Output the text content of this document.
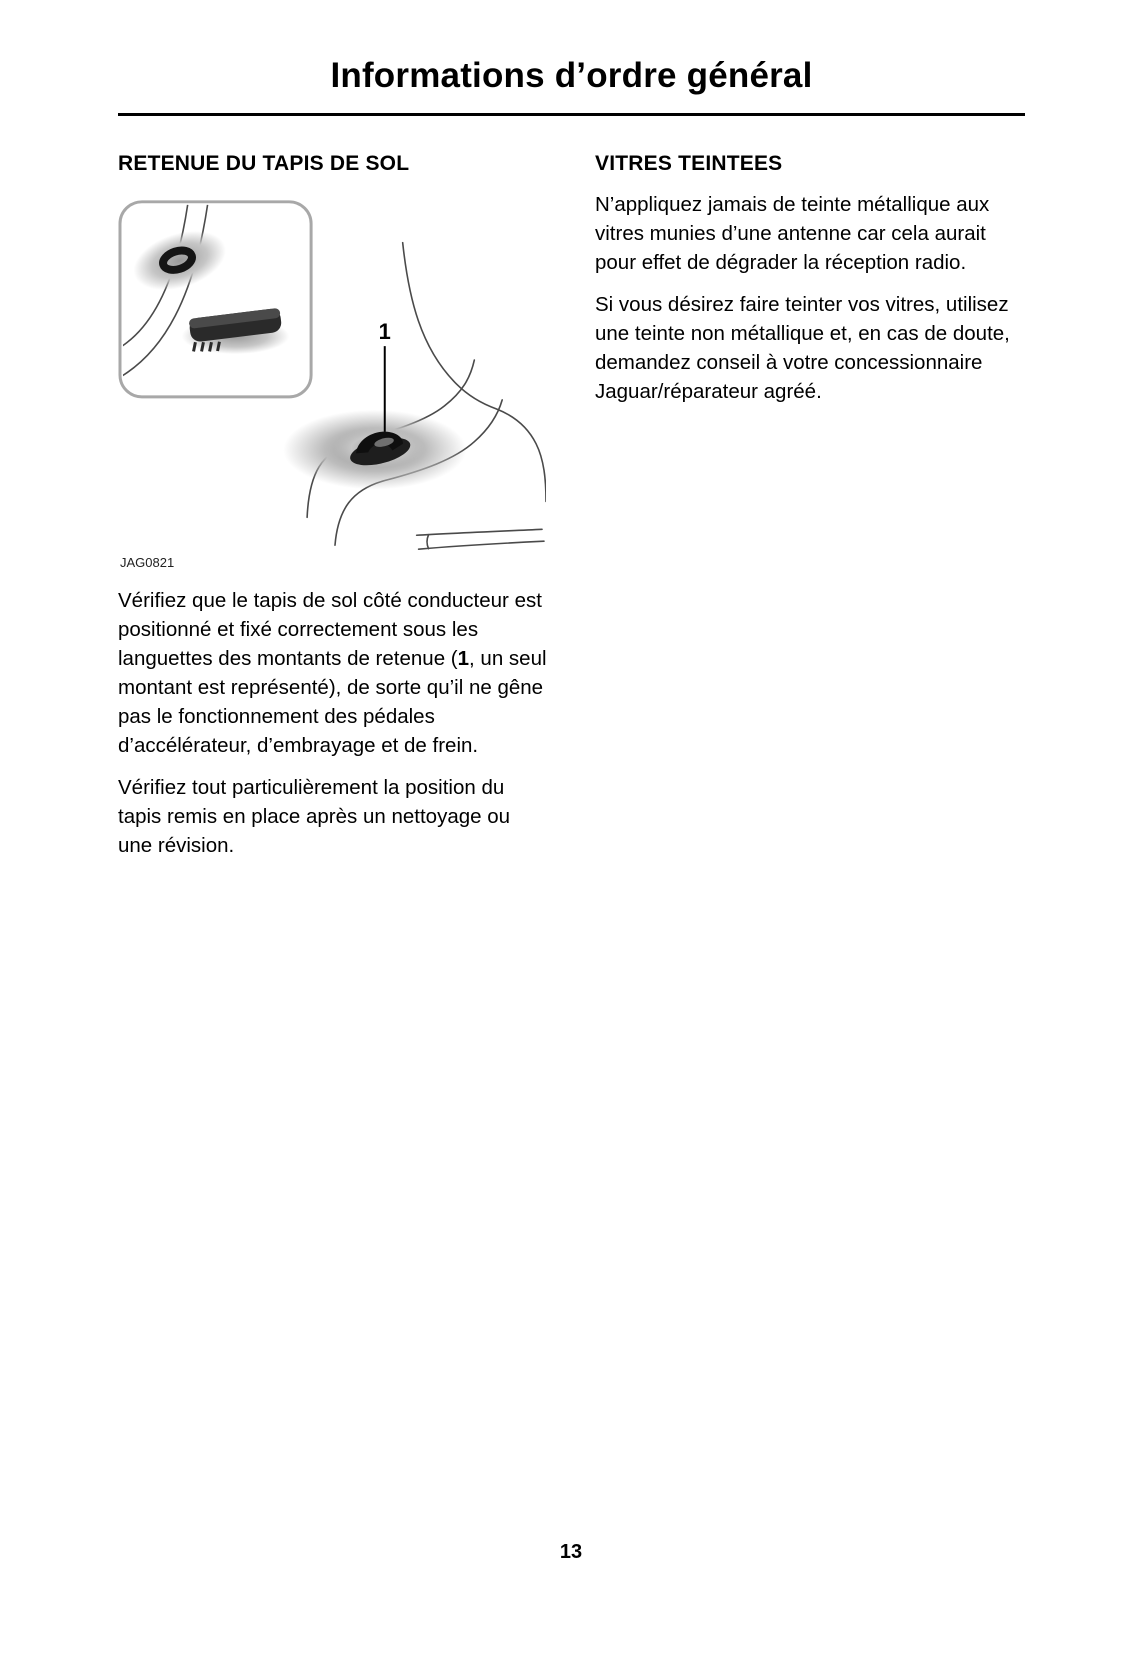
Informations d’ordre général
RETENUE DU TAPIS DE SOL
1
JAG0821

Vérifiez que le tapis de sol côté conducteur est positionné et fixé correctement sous les languettes des montants de retenue (1, un seul montant est représenté), de sorte qu’il ne gêne pas le fonctionnement des pédales d’accélérateur, d’embrayage et de frein.

Vérifiez tout particulièrement la position du tapis remis en place après un nettoyage ou une révision.

VITRES TEINTEES

N’appliquez jamais de teinte métallique aux vitres munies d’une antenne car cela aurait pour effet de dégrader la réception radio.

Si vous désirez faire teinter vos vitres, utilisez une teinte non métallique et, en cas de doute, demandez conseil à votre concessionnaire Jaguar/réparateur agréé.

13
